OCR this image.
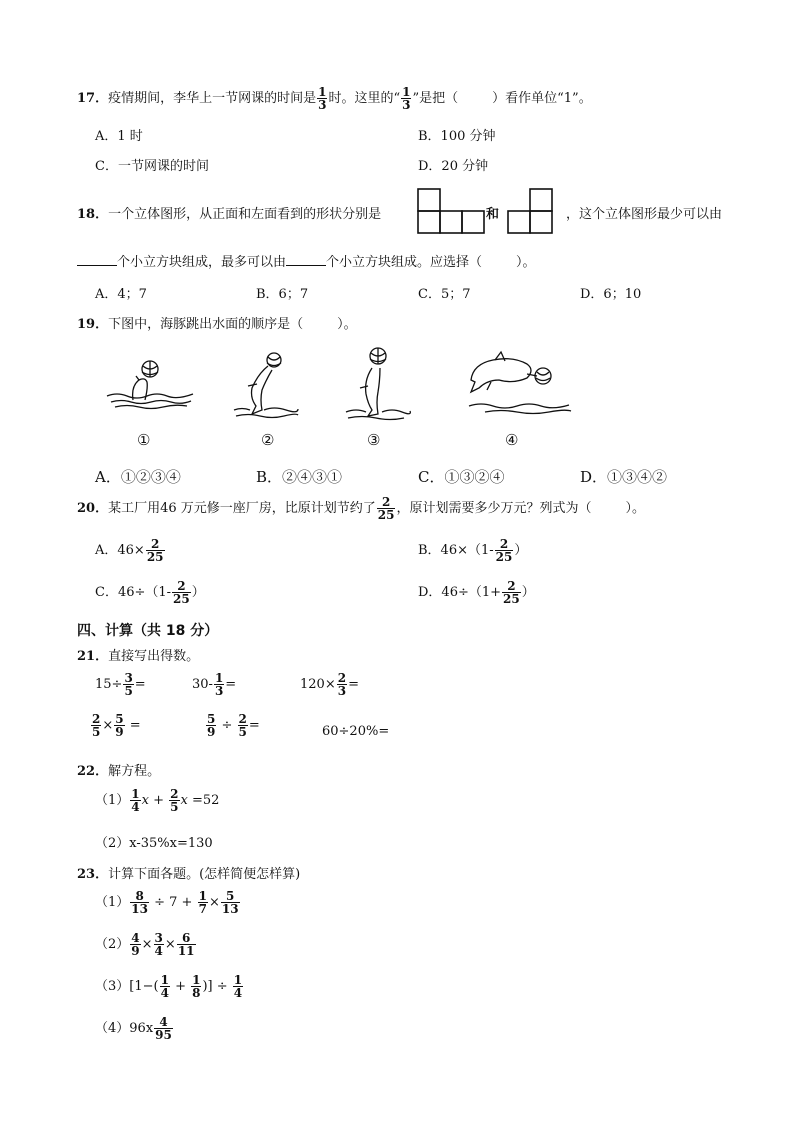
17．疫情期间，李华上一节网课的时间是 $\frac{1}{3}$ 时。这里的“ $\frac{1}{3}$ ”是把（	）看作单位“1”。
A．1 时	B．100 分钟
C．一节网课的时间	D．20 分钟
18．一个立体图形，从正面和左面看到的形状分别是	和	，这个立体图形最少可以由
个小立方块组成，最多可以由	个小立方块组成。应选择（	）。
A．4；7	B．6；7	C．5；7	D．6；10
19．下图中，海豚跳出水面的顺序是（	）。
①	②	③	④
A．①②③④	B．②④③①	C．①③②④	D．①③④②
20．某工厂用46 万元修一座厂房，比原计划节约了 $\frac{2}{25}$ ，原计划需要多少万元？列式为（	）。
A．$46\times \frac{2}{25}$	B．$46\times(1- \frac{2}{25}$ ）
C．$46\div(1- \frac{2}{25}$ ）	D．$46\div(1+ \frac{2}{25}$ ）
四、计算（共 18 分）
21．直接写出得数。
$15\div \frac{3}{5}$ =	$30- \frac{1}{3}$ =	$120\times \frac{2}{3}$ =
$\frac{2}{5} \times \frac{5}{9}$ =	$\frac{5}{9} \div \frac{2}{5}$ =	60÷20%=
22．解方程。
$(1) \frac{1}{4}$ $x + \frac{2}{5}$ x =52
（2）x-35%x=130
23．计算下面各题。(怎样简便怎样算)
$(1) \frac{8}{13} \div 7 + \frac{1}{7} \times \frac{5}{13}$
$(2) \frac{4}{9} \times \frac{3}{4} \times \frac{6}{11}$
$(3)[1-( \frac{1}{4} + \frac{1}{8}$ )] ÷ $\frac{1}{4}$
$(4)96x \frac{4}{95}$
